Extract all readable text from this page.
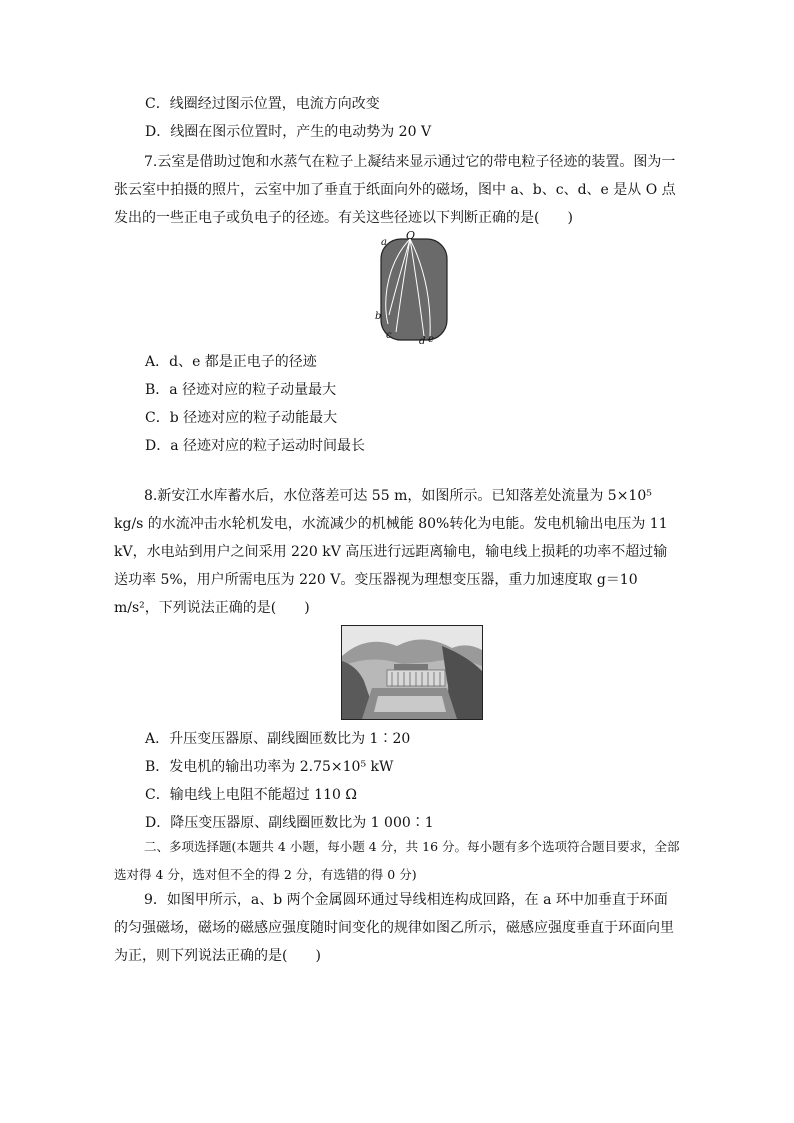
C．线圈经过图示位置，电流方向改变
D．线圈在图示位置时，产生的电动势为 20 V
7.云室是借助过饱和水蒸气在粒子上凝结来显示通过它的带电粒子径迹的装置。图为一张云室中拍摄的照片，云室中加了垂直于纸面向外的磁场，图中 a、b、c、d、e 是从 O 点发出的一些正电子或负电子的径迹。有关这些径迹以下判断正确的是(　　)
O
a
b
c
d e
A．d、e 都是正电子的径迹
B．a 径迹对应的粒子动量最大
C．b 径迹对应的粒子动能最大
D．a 径迹对应的粒子运动时间最长
8.新安江水库蓄水后，水位落差可达 55 m，如图所示。已知落差处流量为 5×10⁵ kg/s 的水流冲击水轮机发电，水流减少的机械能 80%转化为电能。发电机输出电压为 11 kV，水电站到用户之间采用 220 kV 高压进行远距离输电，输电线上损耗的功率不超过输送功率 5%，用户所需电压为 220 V。变压器视为理想变压器，重力加速度取 g＝10 m/s²，下列说法正确的是(　　)
A．升压变压器原、副线圈匝数比为 1∶20
B．发电机的输出功率为 2.75×10⁵ kW
C．输电线上电阻不能超过 110 Ω
D．降压变压器原、副线圈匝数比为 1 000∶1
二、多项选择题(本题共 4 小题，每小题 4 分，共 16 分。每小题有多个选项符合题目要求，全部选对得 4 分，选对但不全的得 2 分，有选错的得 0 分)
9．如图甲所示，a、b 两个金属圆环通过导线相连构成回路，在 a 环中加垂直于环面的匀强磁场，磁场的磁感应强度随时间变化的规律如图乙所示，磁感应强度垂直于环面向里为正，则下列说法正确的是(　　)
